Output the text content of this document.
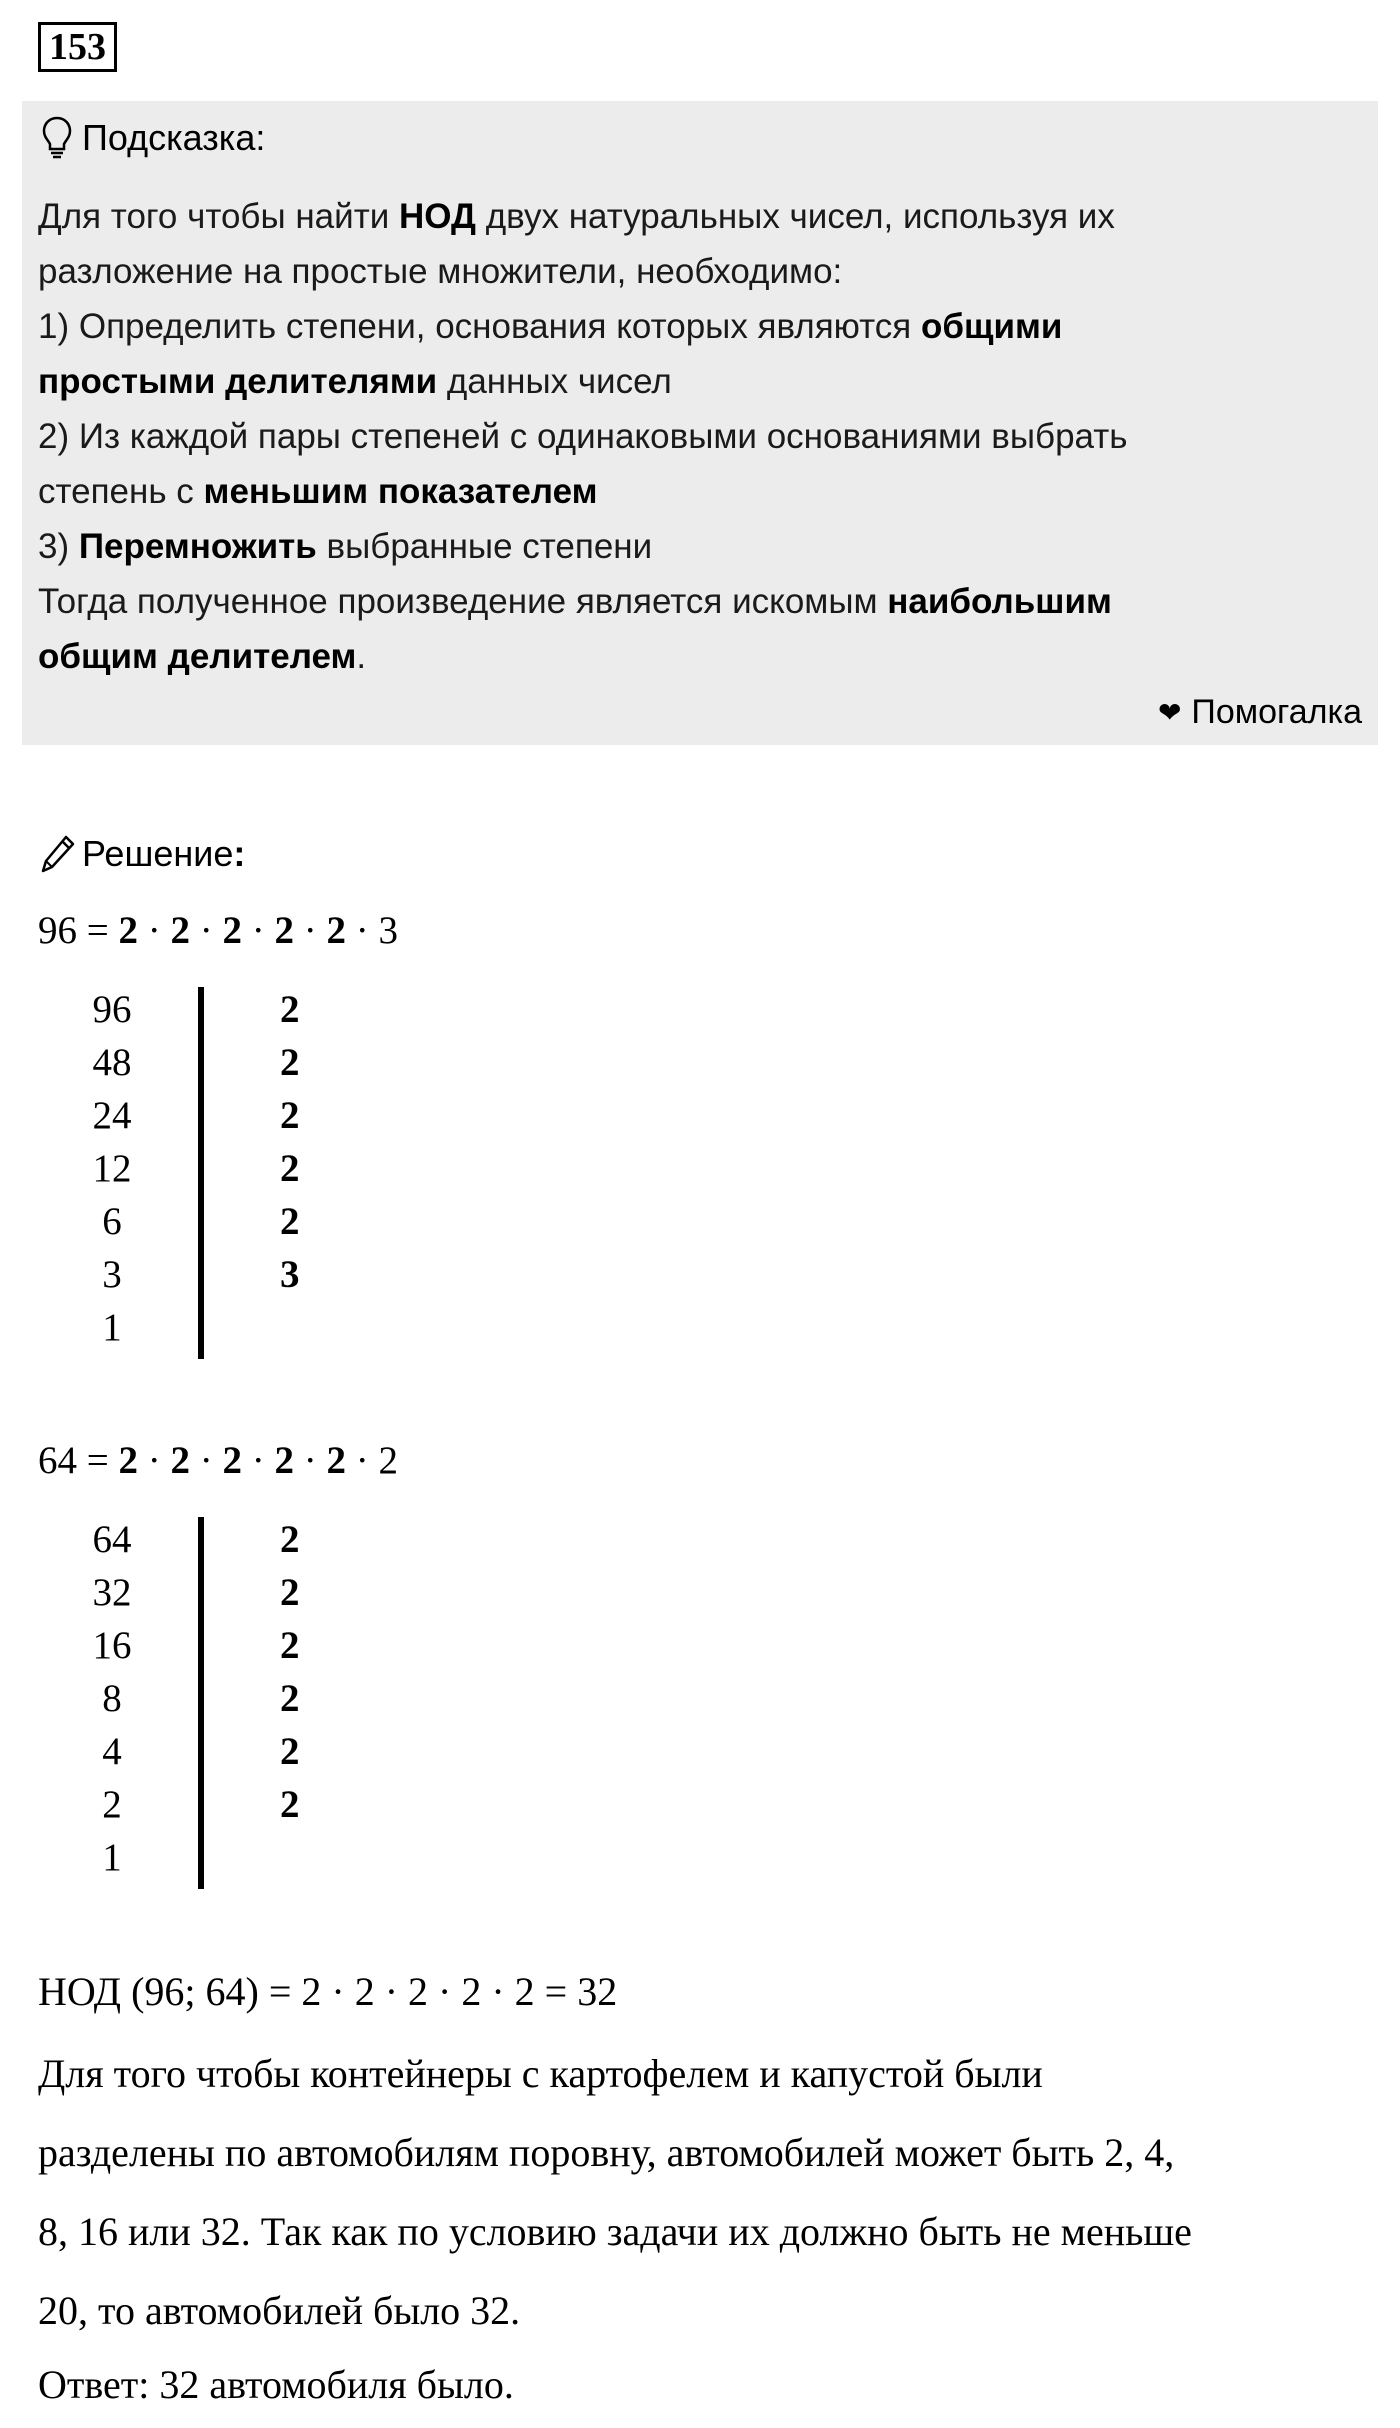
153
Подсказка:
Для того чтобы найти НОД двух натуральных чисел, используя их
разложение на простые множители, необходимо:
1) Определить степени, основания которых являются общими
простыми делителями данных чисел
2) Из каждой пары степеней с одинаковыми основаниями выбрать
степень с меньшим показателем
3) Перемножить выбранные степени
Тогда полученное произведение является искомым наибольшим
общим делителем.
❤ Помогалка
Решение :
96 = 2 · 2 · 2 · 2 · 2 · 3
96	2
48	2
24	2
12	2
6	2
3	3
1
64 = 2 · 2 · 2 · 2 · 2 · 2
64	2
32	2
16	2
8	2
4	2
2	2
1
НОД (96; 64) = 2 · 2 · 2 · 2 · 2 = 32
Для того чтобы контейнеры с картофелем и капустой были
разделены по автомобилям поровну, автомобилей может быть 2, 4,
8, 16 или 32. Так как по условию задачи их должно быть не меньше
20, то автомобилей было 32.
Ответ: 32 автомобиля было.
